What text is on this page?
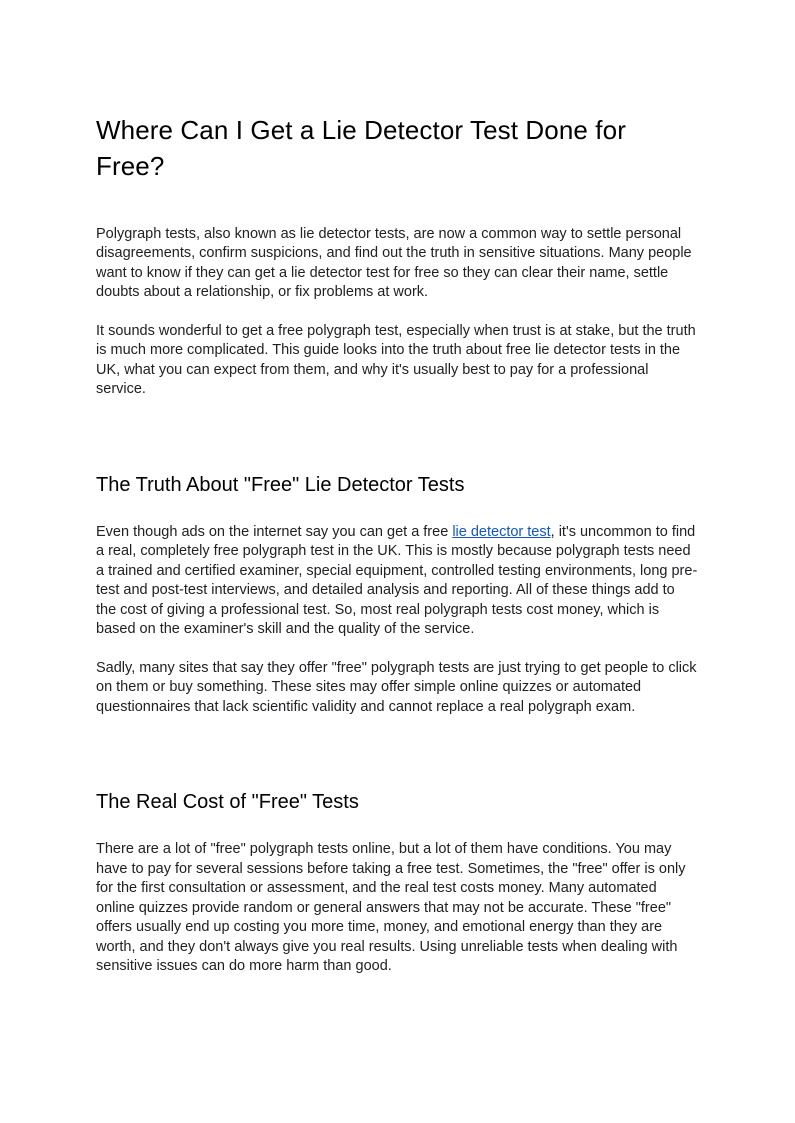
Where Can I Get a Lie Detector Test Done for Free?

Polygraph tests, also known as lie detector tests, are now a common way to settle personal disagreements, confirm suspicions, and find out the truth in sensitive situations. Many people want to know if they can get a lie detector test for free so they can clear their name, settle doubts about a relationship, or fix problems at work.

It sounds wonderful to get a free polygraph test, especially when trust is at stake, but the truth is much more complicated. This guide looks into the truth about free lie detector tests in the UK, what you can expect from them, and why it's usually best to pay for a professional service.

The Truth About "Free" Lie Detector Tests

Even though ads on the internet say you can get a free lie detector test, it's uncommon to find a real, completely free polygraph test in the UK. This is mostly because polygraph tests need a trained and certified examiner, special equipment, controlled testing environments, long pre-test and post-test interviews, and detailed analysis and reporting. All of these things add to the cost of giving a professional test. So, most real polygraph tests cost money, which is based on the examiner's skill and the quality of the service.

Sadly, many sites that say they offer "free" polygraph tests are just trying to get people to click on them or buy something. These sites may offer simple online quizzes or automated questionnaires that lack scientific validity and cannot replace a real polygraph exam.

The Real Cost of "Free" Tests

There are a lot of "free" polygraph tests online, but a lot of them have conditions. You may have to pay for several sessions before taking a free test. Sometimes, the "free" offer is only for the first consultation or assessment, and the real test costs money. Many automated online quizzes provide random or general answers that may not be accurate. These "free" offers usually end up costing you more time, money, and emotional energy than they are worth, and they don't always give you real results. Using unreliable tests when dealing with sensitive issues can do more harm than good.
